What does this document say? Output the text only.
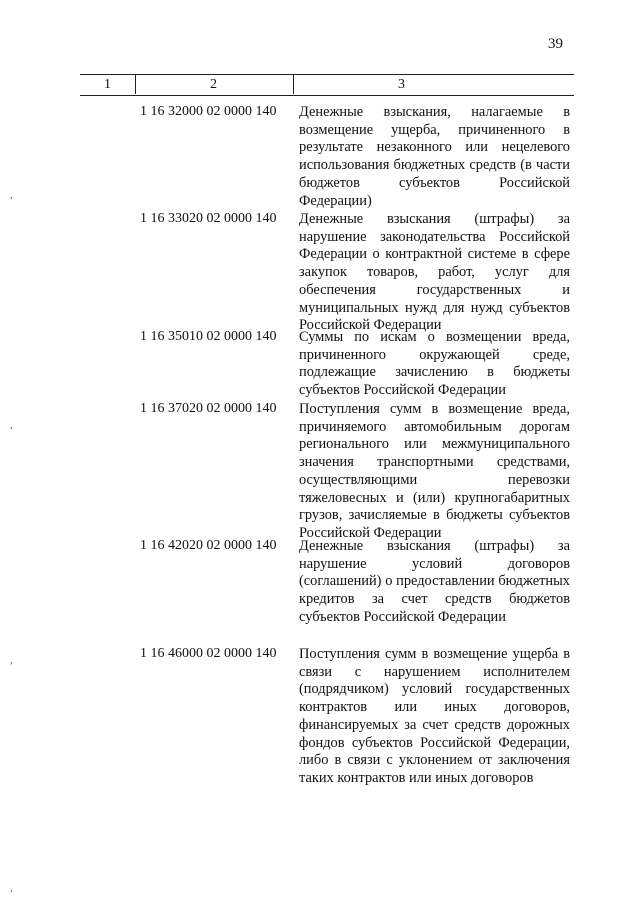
39
1	2	3
1 16 32000 02 0000 140 Денежные взыскания, налагаемые в возмещение ущерба, причиненного в результате незаконного или нецелевого использования бюджетных средств (в части бюджетов субъектов Российской Федерации)
1 16 33020 02 0000 140 Денежные взыскания (штрафы) за нарушение законодательства Российской Федерации о контрактной системе в сфере закупок товаров, работ, услуг для обеспечения государственных и муниципальных нужд для нужд субъектов Российской Федерации
1 16 35010 02 0000 140 Суммы по искам о возмещении вреда, причиненного окружающей среде, подлежащие зачислению в бюджеты субъектов Российской Федерации
1 16 37020 02 0000 140 Поступления сумм в возмещение вреда, причиняемого автомобильным дорогам регионального или межмуниципального значения транспортными средствами, осуществляющими перевозки тяжеловесных и (или) крупногабаритных грузов, зачисляемые в бюджеты субъектов Российской Федерации
1 16 42020 02 0000 140 Денежные взыскания (штрафы) за нарушение условий договоров (соглашений) о предоставлении бюджетных кредитов за счет средств бюджетов субъектов Российской Федерации
1 16 46000 02 0000 140 Поступления сумм в возмещение ущерба в связи с нарушением исполнителем (подрядчиком) условий государственных контрактов или иных договоров, финансируемых за счет средств дорожных фондов субъектов Российской Федерации, либо в связи с уклонением от заключения таких контрактов или иных договоров
,
,
,
,
